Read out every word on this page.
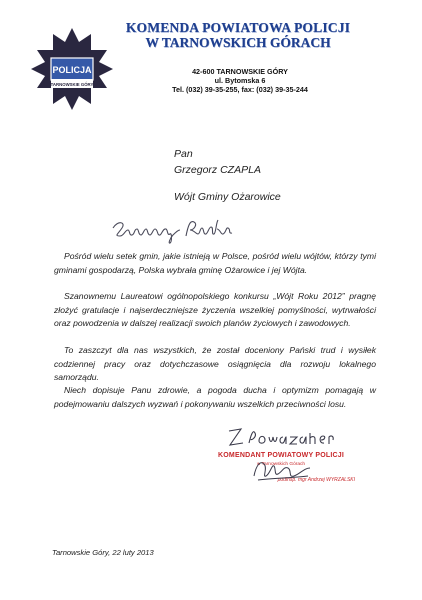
POLICJA
TARNOWSKIE GÓRY
KOMENDA POWIATOWA POLICJI
W TARNOWSKICH GÓRACH
42-600 TARNOWSKIE GÓRY
ul. Bytomska 6
Tel. (032) 39-35-255, fax: (032) 39-35-244
Pan
Grzegorz CZAPLA
Wójt Gminy Ożarowice
Pośród wielu setek gmin, jakie istnieją w Polsce, pośród wielu wójtów, którzy tymi gminami gospodarzą, Polska wybrała gminę Ożarowice i jej Wójta.
Szanownemu Laureatowi ogólnopolskiego konkursu „Wójt Roku 2012” pragnę złożyć gratulacje i najserdeczniejsze życzenia wszelkiej pomyślności, wytrwałości oraz powodzenia w dalszej realizacji swoich planów życiowych i zawodowych.
To zaszczyt dla nas wszystkich, że został doceniony Pański trud i wysiłek codziennej pracy oraz dotychczasowe osiągnięcia dla rozwoju lokalnego samorządu.
Niech dopisuje Panu zdrowie, a pogoda ducha i optymizm pomagają w podejmowaniu dalszych wyzwań i pokonywaniu wszelkich przeciwności losu.
KOMENDANT POWIATOWY POLICJI
w Tarnowskich Górach
podinsp. mgr Andrzej WYRZALSKI
Tarnowskie Góry, 22 luty 2013
